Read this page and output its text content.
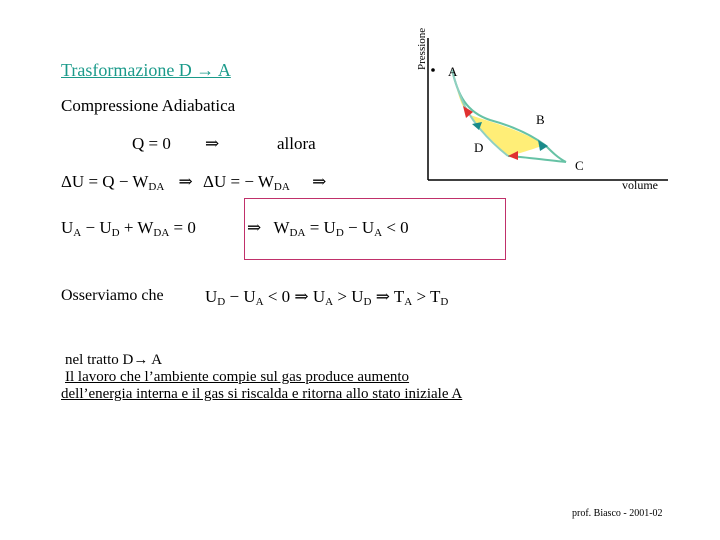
Trasformazione D → A
Compressione Adiabatica
Q = 0 ⇒	allora
$\Delta U = Q - W_{DA}$ ⇒ ΔU = − $W_{DA}$ ⇒
$U_A - U_D + W_{DA} = 0$	⇒ $W_{DA} = U_D - U_A < 0$
Osserviamo che $U_D - U_A < 0$ ⇒ $U_A > U_D$ ⇒ $T_A > T_D$
nel tratto D→ A
Il lavoro che l’ambiente compie sul gas produce aumento
dell’energia interna e il gas si riscalda e ritorna allo stato iniziale A
Pressione
volume
A
B
C
D
prof. Biasco - 2001-02
